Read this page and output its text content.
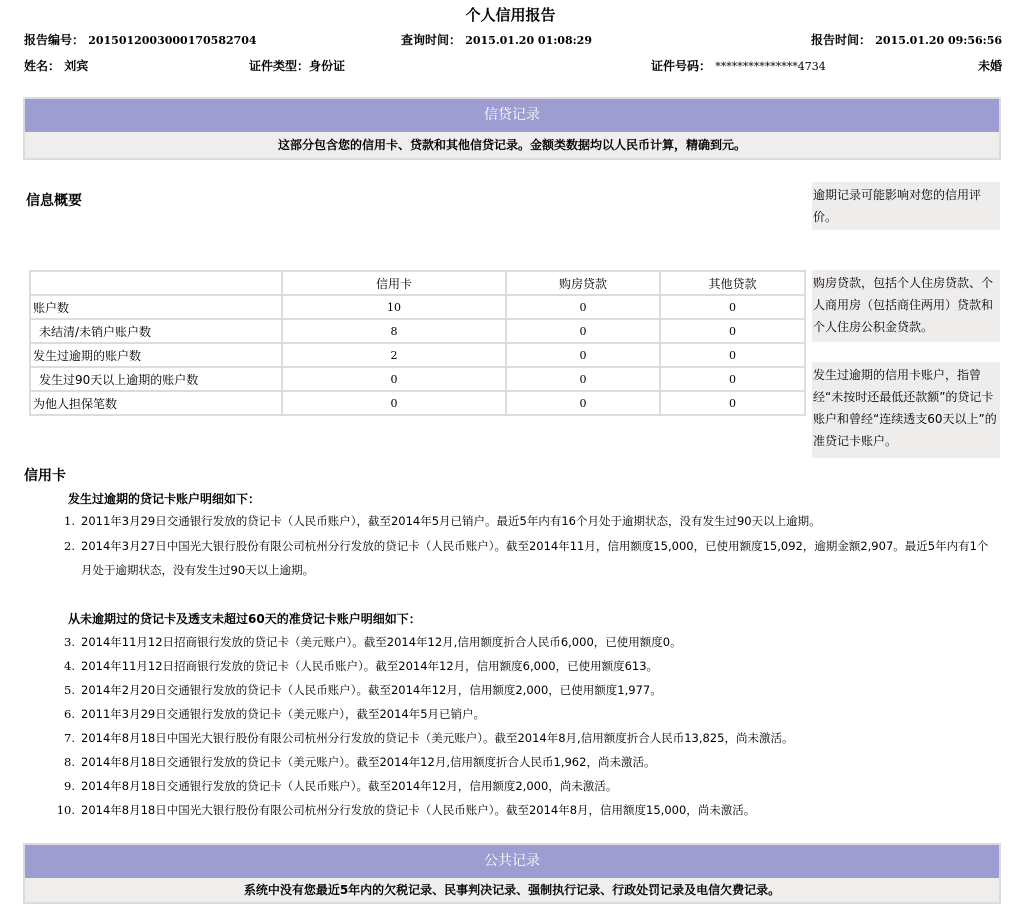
个人信用报告
报告编号： 2015012003000170582704	查询时间： 2015.01.20 01:08:29	报告时间： 2015.01.20 09:56:56
姓名： 刘宾	证件类型：身份证	证件号码： ***************4734	未婚
信贷记录
这部分包含您的信用卡、贷款和其他信贷记录。金额类数据均以人民币计算，精确到元。
信息概要	逾期记录可能影响对您的信用评价。
购房贷款，包括个人住房贷款、个人商用房（包括商住两用）贷款和个人住房公积金贷款。
发生过逾期的信用卡账户，指曾经“未按时还最低还款额”的贷记卡账户和曾经“连续透支60天以上”的准贷记卡账户。
	信用卡	购房贷款	其他贷款
账户数	10	0	0
未结清/未销户账户数	8	0	0
发生过逾期的账户数	2	0	0
发生过90天以上逾期的账户数	0	0	0
为他人担保笔数	0	0	0
信用卡
发生过逾期的贷记卡账户明细如下：
1. 2011年3月29日交通银行发放的贷记卡（人民币账户），截至2014年5月已销户。最近5年内有16个月处于逾期状态，没有发生过90天以上逾期。
2. 2014年3月27日中国光大银行股份有限公司杭州分行发放的贷记卡（人民币账户）。截至2014年11月，信用额度15,000，已使用额度15,092，逾期金额2,907。最近5年内有1个
月处于逾期状态，没有发生过90天以上逾期。
从未逾期过的贷记卡及透支未超过60天的准贷记卡账户明细如下：
3. 2014年11月12日招商银行发放的贷记卡（美元账户）。截至2014年12月,信用额度折合人民币6,000，已使用额度0。
4. 2014年11月12日招商银行发放的贷记卡（人民币账户）。截至2014年12月，信用额度6,000，已使用额度613。
5. 2014年2月20日交通银行发放的贷记卡（人民币账户）。截至2014年12月，信用额度2,000，已使用额度1,977。
6. 2011年3月29日交通银行发放的贷记卡（美元账户），截至2014年5月已销户。
7. 2014年8月18日中国光大银行股份有限公司杭州分行发放的贷记卡（美元账户）。截至2014年8月,信用额度折合人民币13,825，尚未激活。
8. 2014年8月18日交通银行发放的贷记卡（美元账户）。截至2014年12月,信用额度折合人民币1,962，尚未激活。
9. 2014年8月18日交通银行发放的贷记卡（人民币账户）。截至2014年12月，信用额度2,000，尚未激活。
10. 2014年8月18日中国光大银行股份有限公司杭州分行发放的贷记卡（人民币账户）。截至2014年8月，信用额度15,000，尚未激活。
公共记录
系统中没有您最近5年内的欠税记录、民事判决记录、强制执行记录、行政处罚记录及电信欠费记录。
